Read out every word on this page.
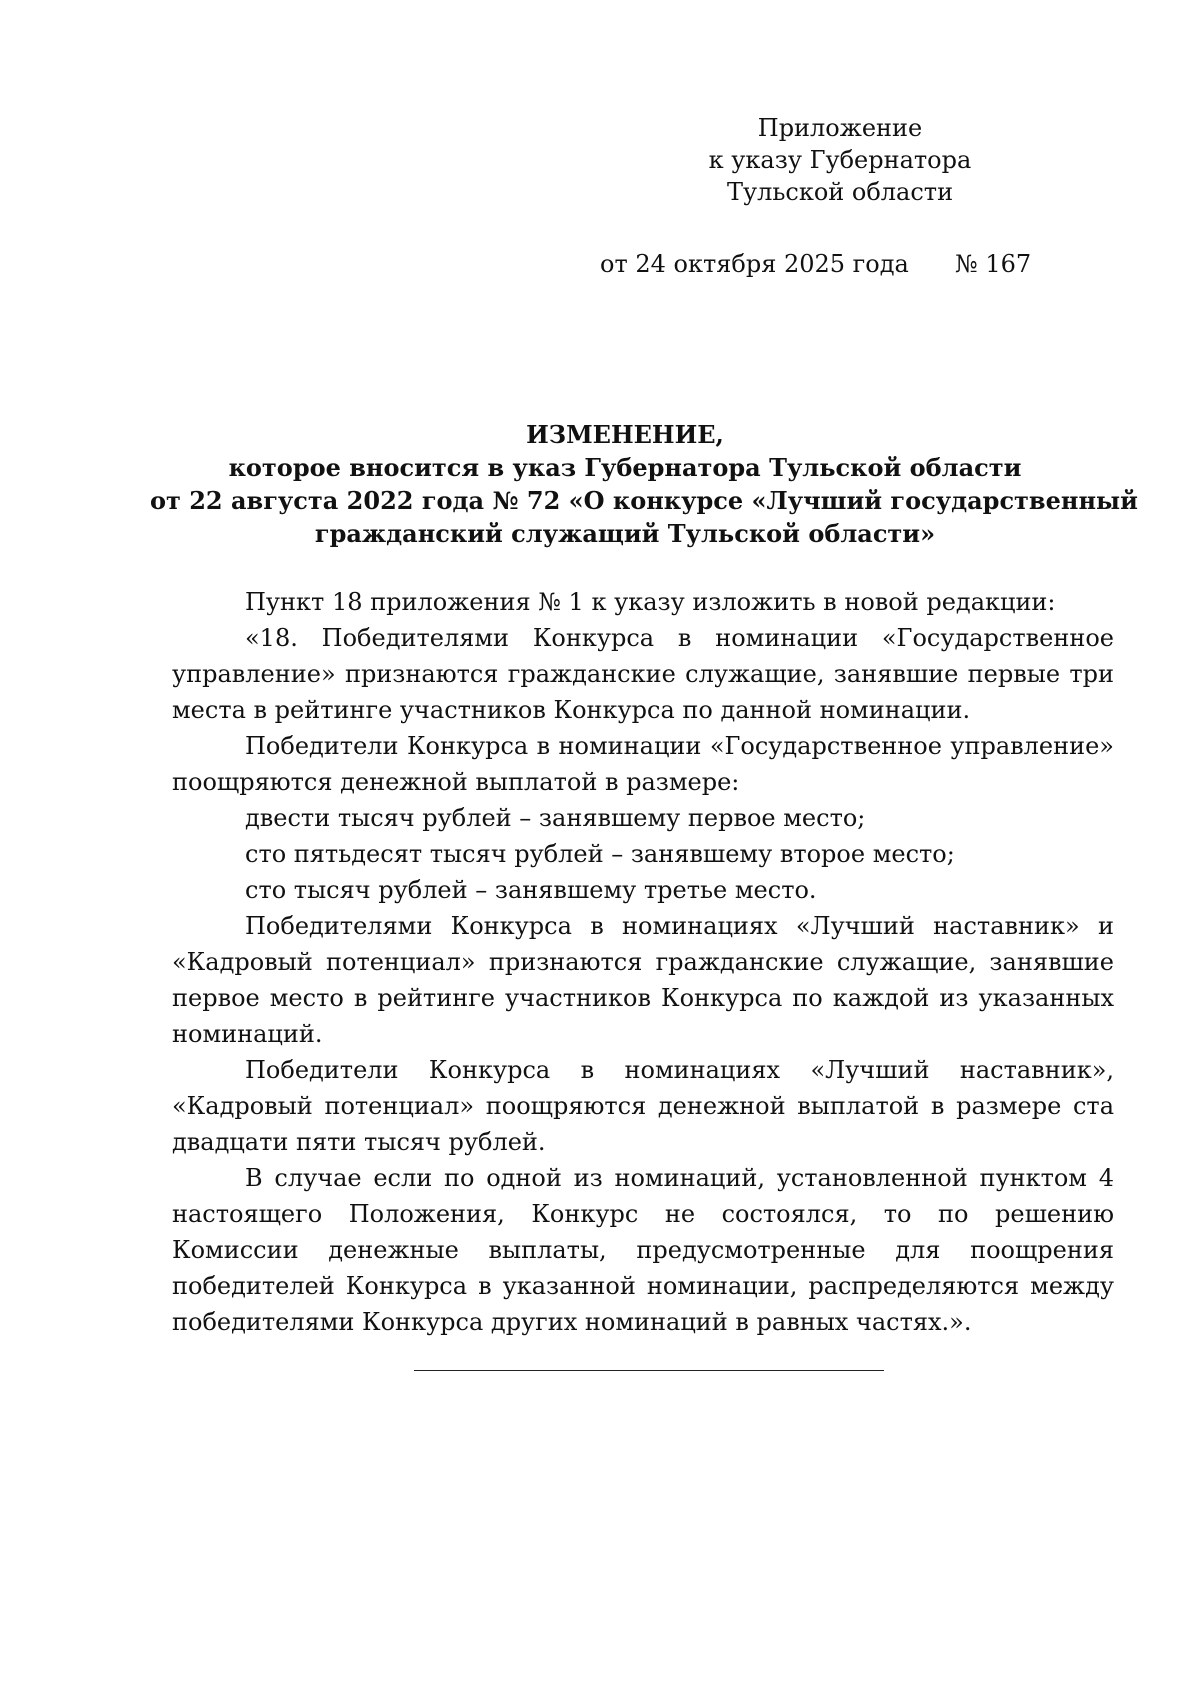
Приложение
к указу Губернатора
Тульской области
от 24 октября 2025 года № 167
ИЗМЕНЕНИЕ,
которое вносится в указ Губернатора Тульской области
от 22 августа 2022 года № 72 «О конкурсе «Лучший государственный
гражданский служащий Тульской области»

Пункт 18 приложения № 1 к указу изложить в новой редакции:

«18. Победителями Конкурса в номинации «Государственное управление» признаются гражданские служащие, занявшие первые три места в рейтинге участников Конкурса по данной номинации.

Победители Конкурса в номинации «Государственное управление» поощряются денежной выплатой в размере:

двести тысяч рублей – занявшему первое место;

сто пятьдесят тысяч рублей – занявшему второе место;

сто тысяч рублей – занявшему третье место.

Победителями Конкурса в номинациях «Лучший наставник» и «Кадровый потенциал» признаются гражданские служащие, занявшие первое место в рейтинге участников Конкурса по каждой из указанных номинаций.

Победители Конкурса в номинациях «Лучший наставник», «Кадровый потенциал» поощряются денежной выплатой в размере ста двадцати пяти тысяч рублей.

В случае если по одной из номинаций, установленной пунктом 4 настоящего Положения, Конкурс не состоялся, то по решению Комиссии денежные выплаты, предусмотренные для поощрения победителей Конкурса в указанной номинации, распределяются между победителями Конкурса других номинаций в равных частях.».
